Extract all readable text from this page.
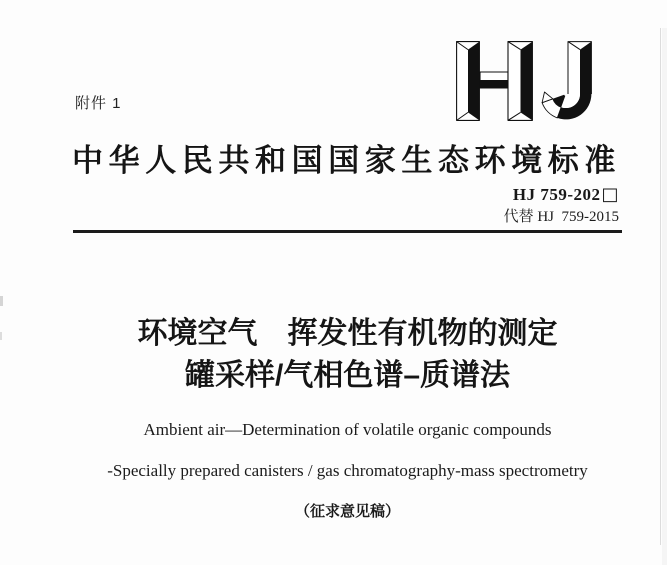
附件 1
中华人民共和国国家生态环境标准
HJ 759-202□
代替 HJ  759-2015
环境空气　挥发性有机物的测定
罐采样/气相色谱–质谱法
Ambient air—Determination of volatile organic compounds
-Specially prepared canisters / gas chromatography-mass spectrometry
（征求意见稿）
